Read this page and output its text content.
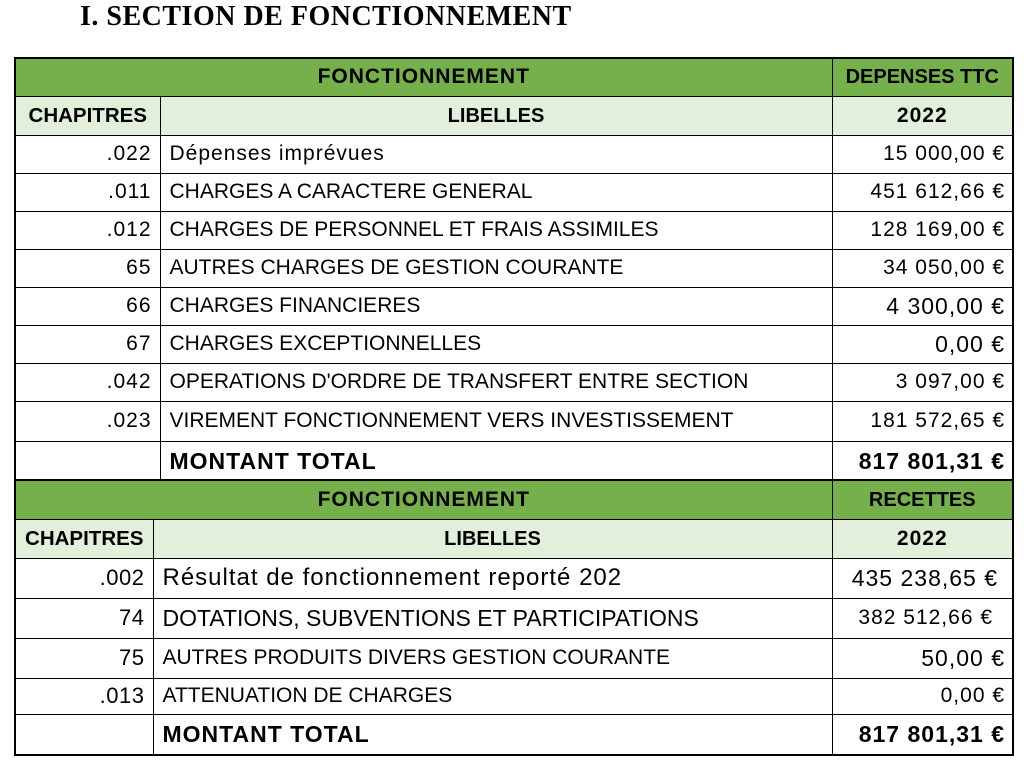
I. SECTION DE FONCTIONNEMENT
FONCTIONNEMENT		DEPENSES TTC
CHAPITRES	LIBELLES	2022
.022	Dépenses imprévues	15 000,00 €
.011	CHARGES A CARACTERE GENERAL	451 612,66 €
.012	CHARGES DE PERSONNEL ET FRAIS ASSIMILES	128 169,00 €
65	AUTRES CHARGES DE GESTION COURANTE	34 050,00 €
66	CHARGES FINANCIERES	4 300,00 €
67	CHARGES EXCEPTIONNELLES	0,00 €
.042	OPERATIONS D'ORDRE DE TRANSFERT ENTRE SECTION	3 097,00 €
.023	VIREMENT FONCTIONNEMENT VERS INVESTISSEMENT	181 572,65 €
	MONTANT TOTAL	817 801,31 €
FONCTIONNEMENT		RECETTES
CHAPITRES	LIBELLES	2022
.002	Résultat de fonctionnement reporté 202	435 238,65 €
74	DOTATIONS, SUBVENTIONS ET PARTICIPATIONS	382 512,66 €
75	AUTRES PRODUITS DIVERS GESTION COURANTE	50,00 €
.013	ATTENUATION DE CHARGES	0,00 €
	MONTANT TOTAL	817 801,31 €
